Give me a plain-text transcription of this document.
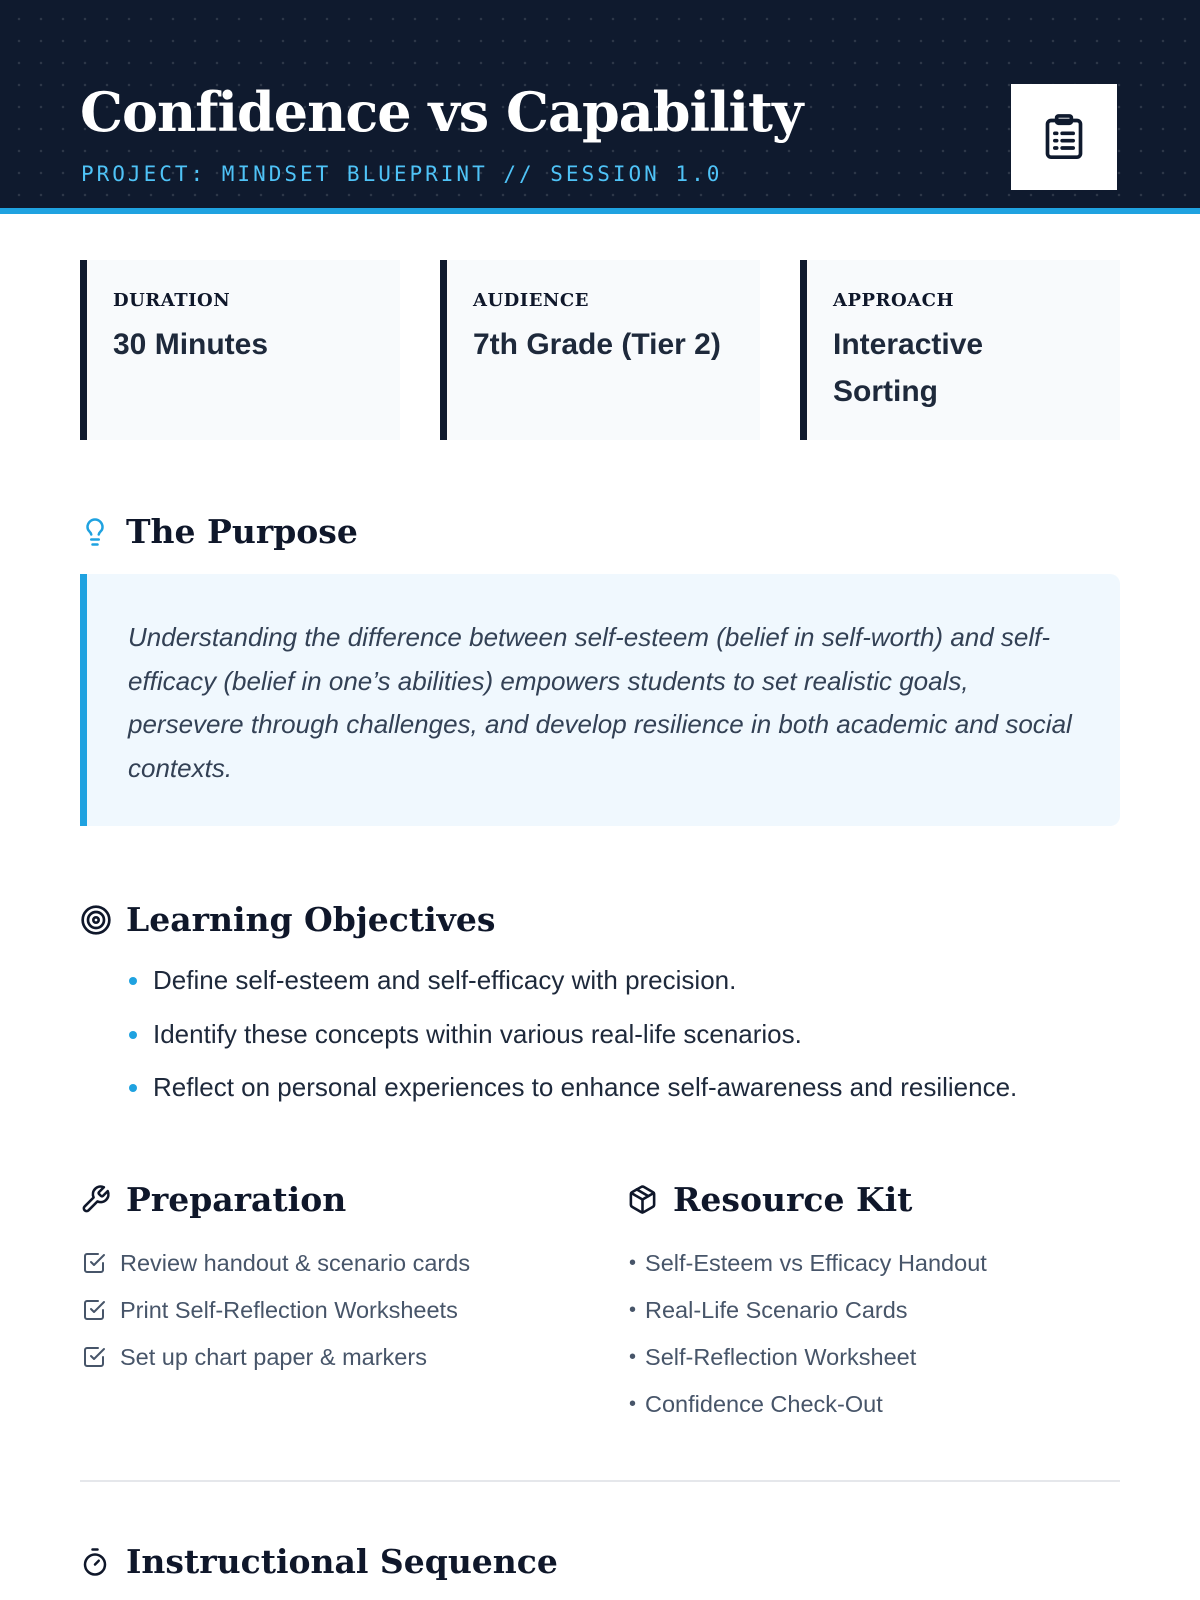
Confidence vs Capability
PROJECT: MINDSET BLUEPRINT // SESSION 1.0
DURATION
30 Minutes
AUDIENCE
7th Grade (Tier 2)
APPROACH
Interactive Sorting
The Purpose

Understanding the difference between self-esteem (belief in self-worth) and self-efficacy (belief in one’s abilities) empowers students to set realistic goals, persevere through challenges, and develop resilience in both academic and social contexts.

Learning Objectives
Define self-esteem and self-efficacy with precision.
Identify these concepts within various real-life scenarios.
Reflect on personal experiences to enhance self-awareness and resilience.
Preparation
Review handout & scenario cards
Print Self-Reflection Worksheets
Set up chart paper & markers
Resource Kit
• Self-Esteem vs Efficacy Handout
• Real-Life Scenario Cards
• Self-Reflection Worksheet
• Confidence Check-Out
Instructional Sequence
